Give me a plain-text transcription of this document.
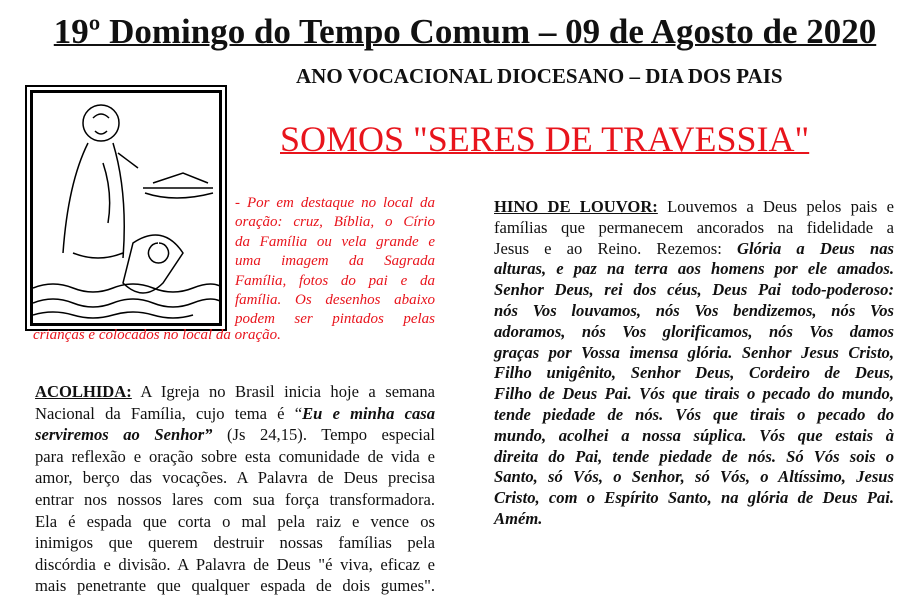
19º Domingo do Tempo Comum – 09 de Agosto de 2020
ANO VOCACIONAL DIOCESANO – DIA DOS PAIS
SOMOS "SERES DE TRAVESSIA"
- Por em destaque no local da
oração: cruz, Bíblia, o Círio
da Família ou vela grande e
uma imagem da Sagrada
Família, fotos do pai e da
família. Os desenhos abaixo
podem ser pintados pelas
crianças e colocados no local da oração.
ACOLHIDA: A Igreja no Brasil inicia hoje a semana
Nacional da Família, cujo tema é “Eu e minha casa
serviremos ao Senhor” (Js 24,15). Tempo especial
para reflexão e oração sobre esta comunidade de vida e
amor, berço das vocações. A Palavra de Deus precisa
entrar nos nossos lares com sua força transformadora.
Ela é espada que corta o mal pela raiz e vence os
inimigos que querem destruir nossas famílias pela
discórdia e divisão. A Palavra de Deus "é viva, eficaz e
mais penetrante que qualquer espada de dois gumes".
HINO DE LOUVOR: Louvemos a Deus pelos pais e
famílias que permanecem ancorados na fidelidade a
Jesus e ao Reino. Rezemos: Glória a Deus nas
alturas, e paz na terra aos homens por ele amados.
Senhor Deus, rei dos céus, Deus Pai todo-poderoso:
nós Vos louvamos, nós Vos bendizemos, nós Vos
adoramos, nós Vos glorificamos, nós Vos damos
graças por Vossa imensa glória. Senhor Jesus Cristo,
Filho unigênito, Senhor Deus, Cordeiro de Deus,
Filho de Deus Pai. Vós que tirais o pecado do mundo,
tende piedade de nós. Vós que tirais o pecado do
mundo, acolhei a nossa súplica. Vós que estais à
direita do Pai, tende piedade de nós. Só Vós sois o
Santo, só Vós, o Senhor, só Vós, o Altíssimo, Jesus
Cristo, com o Espírito Santo, na glória de Deus Pai.
Amém.
